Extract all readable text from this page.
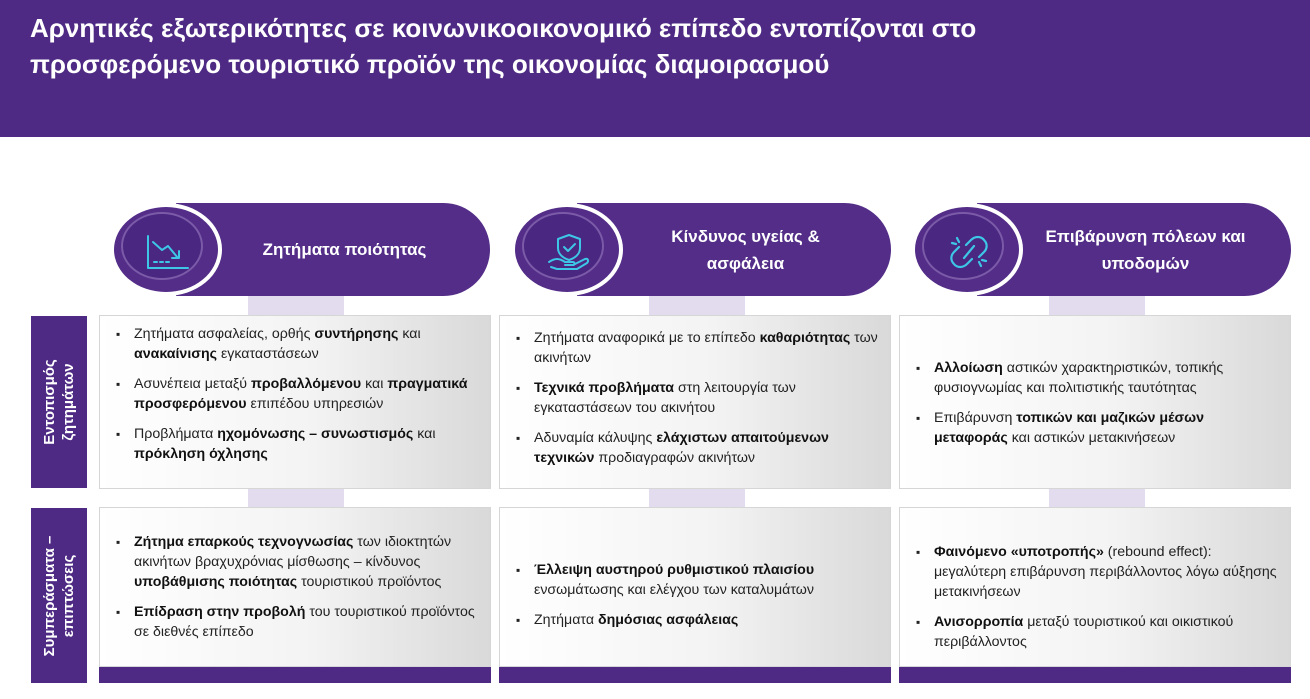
Αρνητικές εξωτερικότητες σε κοινωνικοοικονομικό επίπεδο εντοπίζονται στο
προσφερόμενο τουριστικό προϊόν της οικονομίας διαμοιρασμού
Ζητήματα ποιότητας
Κίνδυνος υγείας &
ασφάλεια
Επιβάρυνση πόλεων και
υποδομών
Εντοπισμός ζητημάτων
Συμπεράσματα – επιπτώσεις
▪ Ζητήματα ασφαλείας, ορθής συντήρησης και ανακαίνισης εγκαταστάσεων
▪ Ασυνέπεια μεταξύ προβαλλόμενου και πραγματικά προσφερόμενου επιπέδου υπηρεσιών
▪ Προβλήματα ηχομόνωσης – συνωστισμός και πρόκληση όχλησης
▪ Ζητήματα αναφορικά με το επίπεδο καθαριότητας των ακινήτων
▪ Τεχνικά προβλήματα στη λειτουργία των εγκαταστάσεων του ακινήτου
▪ Αδυναμία κάλυψης ελάχιστων απαιτούμενων τεχνικών προδιαγραφών ακινήτων
▪ Αλλοίωση αστικών χαρακτηριστικών, τοπικής φυσιογνωμίας και πολιτιστικής ταυτότητας
▪ Επιβάρυνση τοπικών και μαζικών μέσων μεταφοράς και αστικών μετακινήσεων
▪ Ζήτημα επαρκούς τεχνογνωσίας των ιδιοκτητών ακινήτων βραχυχρόνιας μίσθωσης – κίνδυνος υποβάθμισης ποιότητας τουριστικού προϊόντος
▪ Επίδραση στην προβολή του τουριστικού προϊόντος σε διεθνές επίπεδο
▪ Έλλειψη αυστηρού ρυθμιστικού πλαισίου ενσωμάτωσης και ελέγχου των καταλυμάτων
▪ Ζητήματα δημόσιας ασφάλειας
▪ Φαινόμενο «υποτροπής» (rebound effect): μεγαλύτερη επιβάρυνση περιβάλλοντος λόγω αύξησης μετακινήσεων
▪ Ανισορροπία μεταξύ τουριστικού και οικιστικού περιβάλλοντος
